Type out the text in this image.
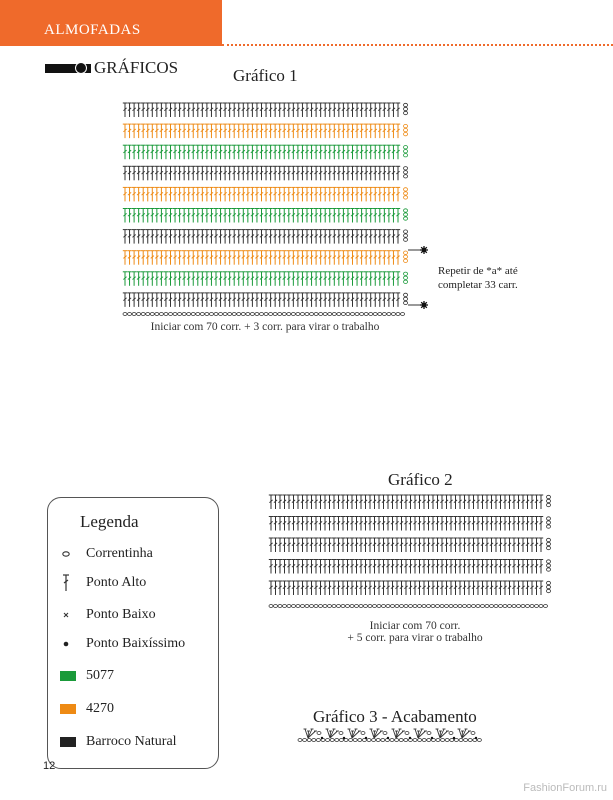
ALMOFADAS
GRÁFICOS	Gráfico 1
Iniciar com 70 corr. + 3 corr. para virar o trabalho
Repetir de *a* até
completar 33 carr.
Gráfico 2
Iniciar com 70 corr.
+ 5 corr. para virar o trabalho
Gráfico 3 - Acabamento
Legenda
Correntinha
Ponto Alto
Ponto Baixo
Ponto Baixíssimo
5077
4270
Barroco Natural
12
FashionForum.ru
